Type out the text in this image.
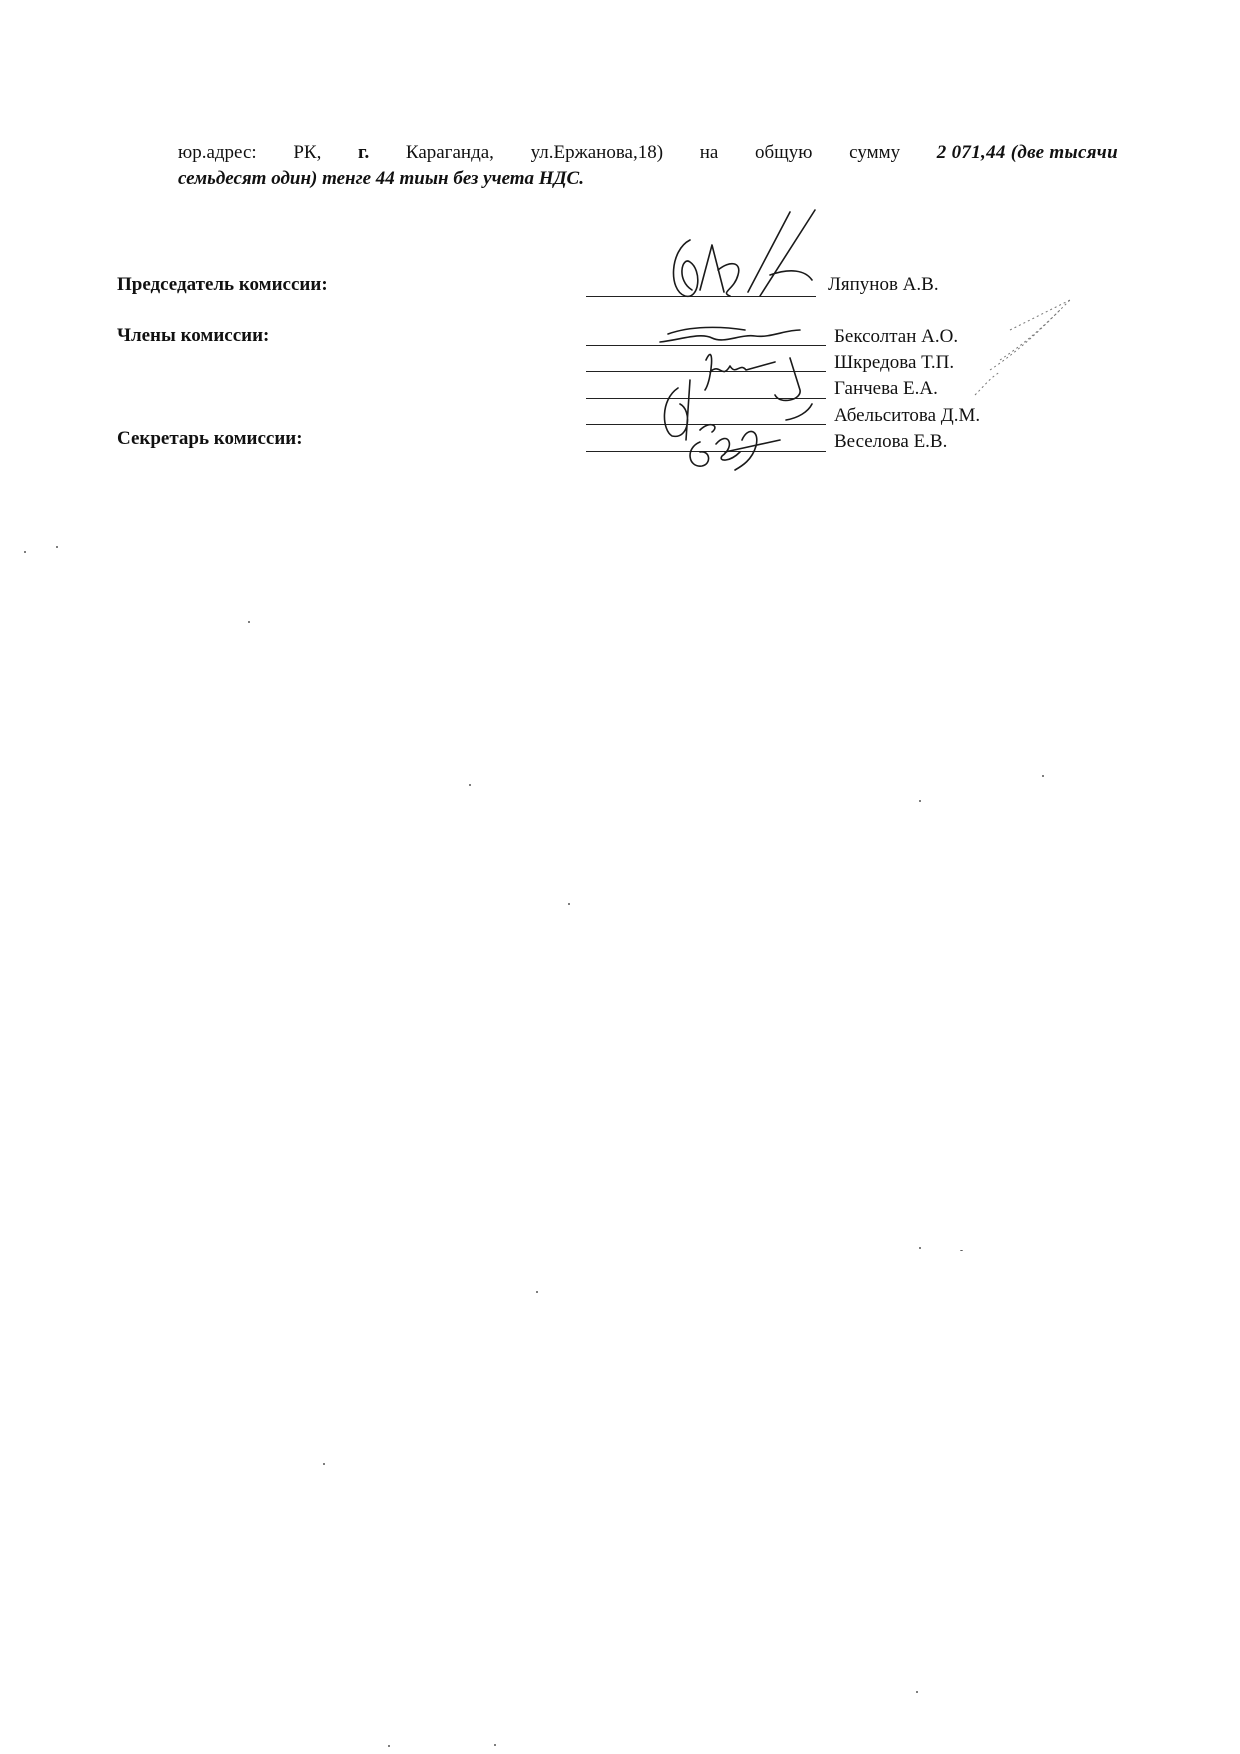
юр.адрес: РК, г. Караганда, ул.Ержанова,18) на общую сумму 2 071,44 (две тысячи
семьдесят один) тенге 44 тиын без учета НДС.
Председатель комиссии:
Члены комиссии:
Секретарь комиссии:
Ляпунов А.В.
Бексолтан А.О.
Шкредова Т.П.
Ганчева Е.А.
Абельситова Д.М.
Веселова Е.В.
